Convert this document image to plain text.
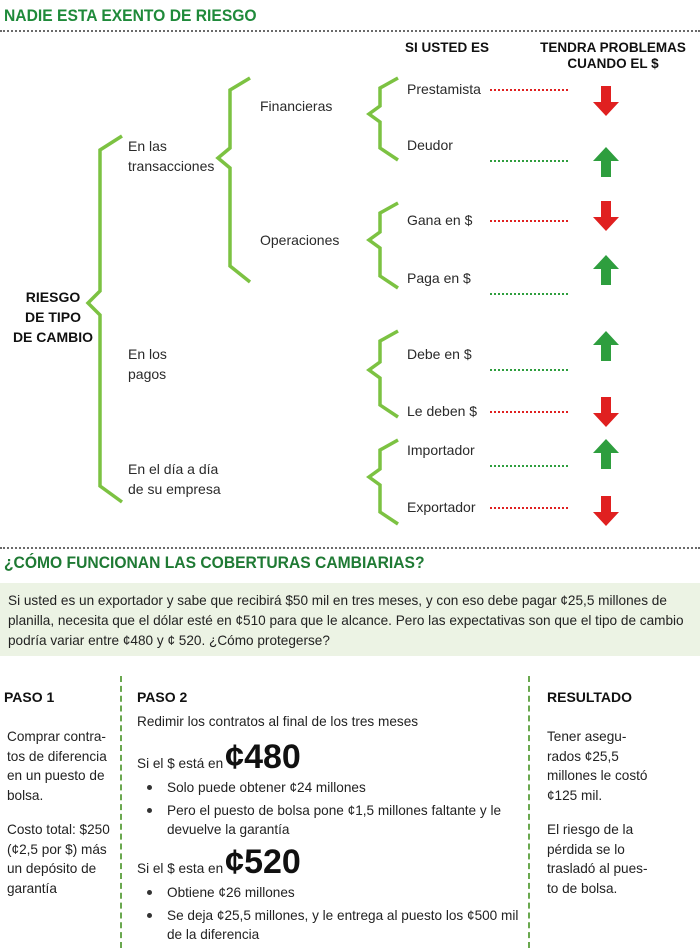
NADIE ESTA EXENTO DE RIESGO
SI USTED ES	TENDRA PROBLEMAS
CUANDO EL $
RIESGO
DE TIPO
DE CAMBIO
En las
transacciones
En los
pagos
En el día a día
de su empresa
Financieras
Operaciones
Prestamista
Deudor
Gana en $
Paga en $
Debe en $
Le deben $
Importador
Exportador
¿CÓMO FUNCIONAN LAS COBERTURAS CAMBIARIAS?
Si usted es un exportador y sabe que recibirá $50 mil en tres meses, y con eso debe pagar ¢25,5 millones de planilla, necesita que el dólar esté en ¢510 para que le alcance. Pero las expectativas son que el tipo de cambio podría variar entre ¢480 y ¢ 520. ¿Cómo protegerse?
PASO 1
Comprar contra-
tos de diferencia
en un puesto de
bolsa.
Costo total: $250
(¢2,5 por $) más
un depósito de
garantía
PASO 2
Redimir los contratos al final de los tres meses
Si el $ está en ¢480
Solo puede obtener ¢24 millones
Pero el puesto de bolsa pone ¢1,5 millones faltante y le devuelve la garantía
Si el $ esta en ¢520
Obtiene ¢26 millones
Se deja ¢25,5 millones, y le entrega al puesto los ¢500 mil de la diferencia
RESULTADO
Tener asegu-
rados ¢25,5
millones le costó
¢125 mil.
El riesgo de la
pérdida se lo
trasladó al pues-
to de bolsa.
